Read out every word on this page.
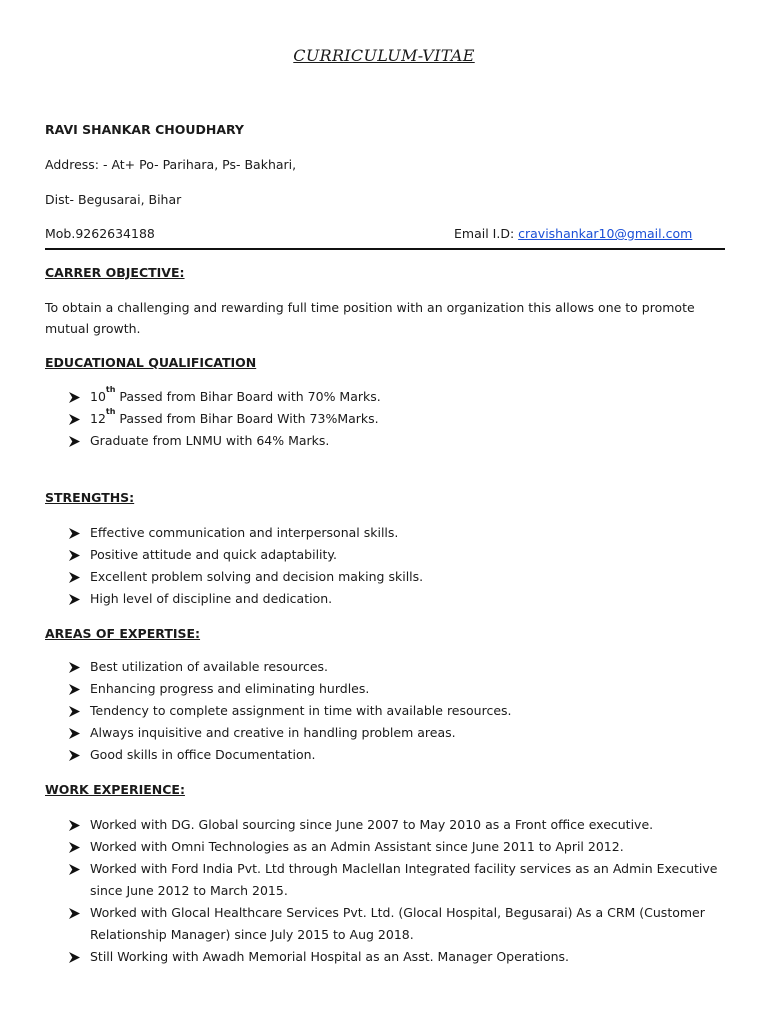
CURRICULUM-VITAE
RAVI SHANKAR CHOUDHARY
Address: - At+ Po- Parihara, Ps- Bakhari,
Dist- Begusarai, Bihar
Mob.9262634188	Email I.D: cravishankar10@gmail.com
CARRER OBJECTIVE:
To obtain a challenging and rewarding full time position with an organization this allows one to promote mutual growth.
EDUCATIONAL QUALIFICATION
10th Passed from Bihar Board with 70% Marks.
12th Passed from Bihar Board With 73%Marks.
Graduate from LNMU with 64% Marks.
STRENGTHS:
Effective communication and interpersonal skills.
Positive attitude and quick adaptability.
Excellent problem solving and decision making skills.
High level of discipline and dedication.
AREAS OF EXPERTISE:
Best utilization of available resources.
Enhancing progress and eliminating hurdles.
Tendency to complete assignment in time with available resources.
Always inquisitive and creative in handling problem areas.
Good skills in office Documentation.
WORK EXPERIENCE:
Worked with DG. Global sourcing since June 2007 to May 2010 as a Front office executive.
Worked with Omni Technologies as an Admin Assistant since June 2011 to April 2012.
Worked with Ford India Pvt. Ltd through Maclellan Integrated facility services as an Admin Executive since June 2012 to March 2015.
Worked with Glocal Healthcare Services Pvt. Ltd. (Glocal Hospital, Begusarai) As a CRM (Customer Relationship Manager) since July 2015 to Aug 2018.
Still Working with Awadh Memorial Hospital as an Asst. Manager Operations.
